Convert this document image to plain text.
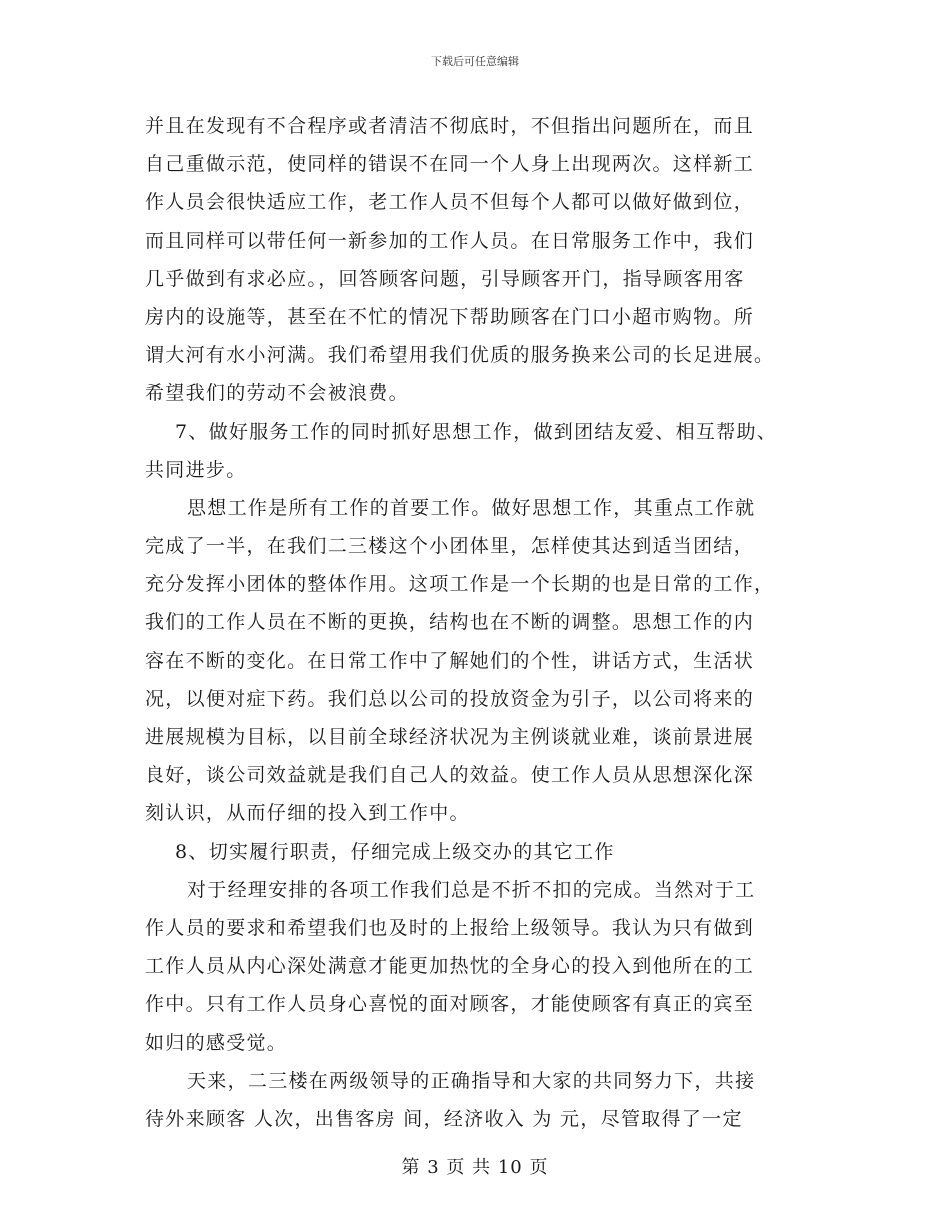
下载后可任意编辑
并且在发现有不合程序或者清洁不彻底时，不但指出问题所在，而且
自己重做示范，使同样的错误不在同一个人身上出现两次。这样新工
作人员会很快适应工作，老工作人员不但每个人都可以做好做到位，
而且同样可以带任何一新参加的工作人员。在日常服务工作中，我们
几乎做到有求必应。，回答顾客问题，引导顾客开门，指导顾客用客
房内的设施等，甚至在不忙的情况下帮助顾客在门口小超市购物。所
谓大河有水小河满。我们希望用我们优质的服务换来公司的长足进展。
希望我们的劳动不会被浪费。
7、做好服务工作的同时抓好思想工作，做到团结友爱、相互帮助、
共同进步。
思想工作是所有工作的首要工作。做好思想工作，其重点工作就
完成了一半，在我们二三楼这个小团体里，怎样使其达到适当团结，
充分发挥小团体的整体作用。这项工作是一个长期的也是日常的工作，
我们的工作人员在不断的更换，结构也在不断的调整。思想工作的内
容在不断的变化。在日常工作中了解她们的个性，讲话方式，生活状
况，以便对症下药。我们总以公司的投放资金为引子，以公司将来的
进展规模为目标，以目前全球经济状况为主例谈就业难，谈前景进展
良好，谈公司效益就是我们自己人的效益。使工作人员从思想深化深
刻认识，从而仔细的投入到工作中。
8、切实履行职责，仔细完成上级交办的其它工作
对于经理安排的各项工作我们总是不折不扣的完成。当然对于工
作人员的要求和希望我们也及时的上报给上级领导。我认为只有做到
工作人员从内心深处满意才能更加热忱的全身心的投入到他所在的工
作中。只有工作人员身心喜悦的面对顾客，才能使顾客有真正的宾至
如归的感受觉。
天来，二三楼在两级领导的正确指导和大家的共同努力下，共接
待外来顾客 人次，出售客房 间，经济收入 为 元，尽管取得了一定
第 3 页 共 10 页
